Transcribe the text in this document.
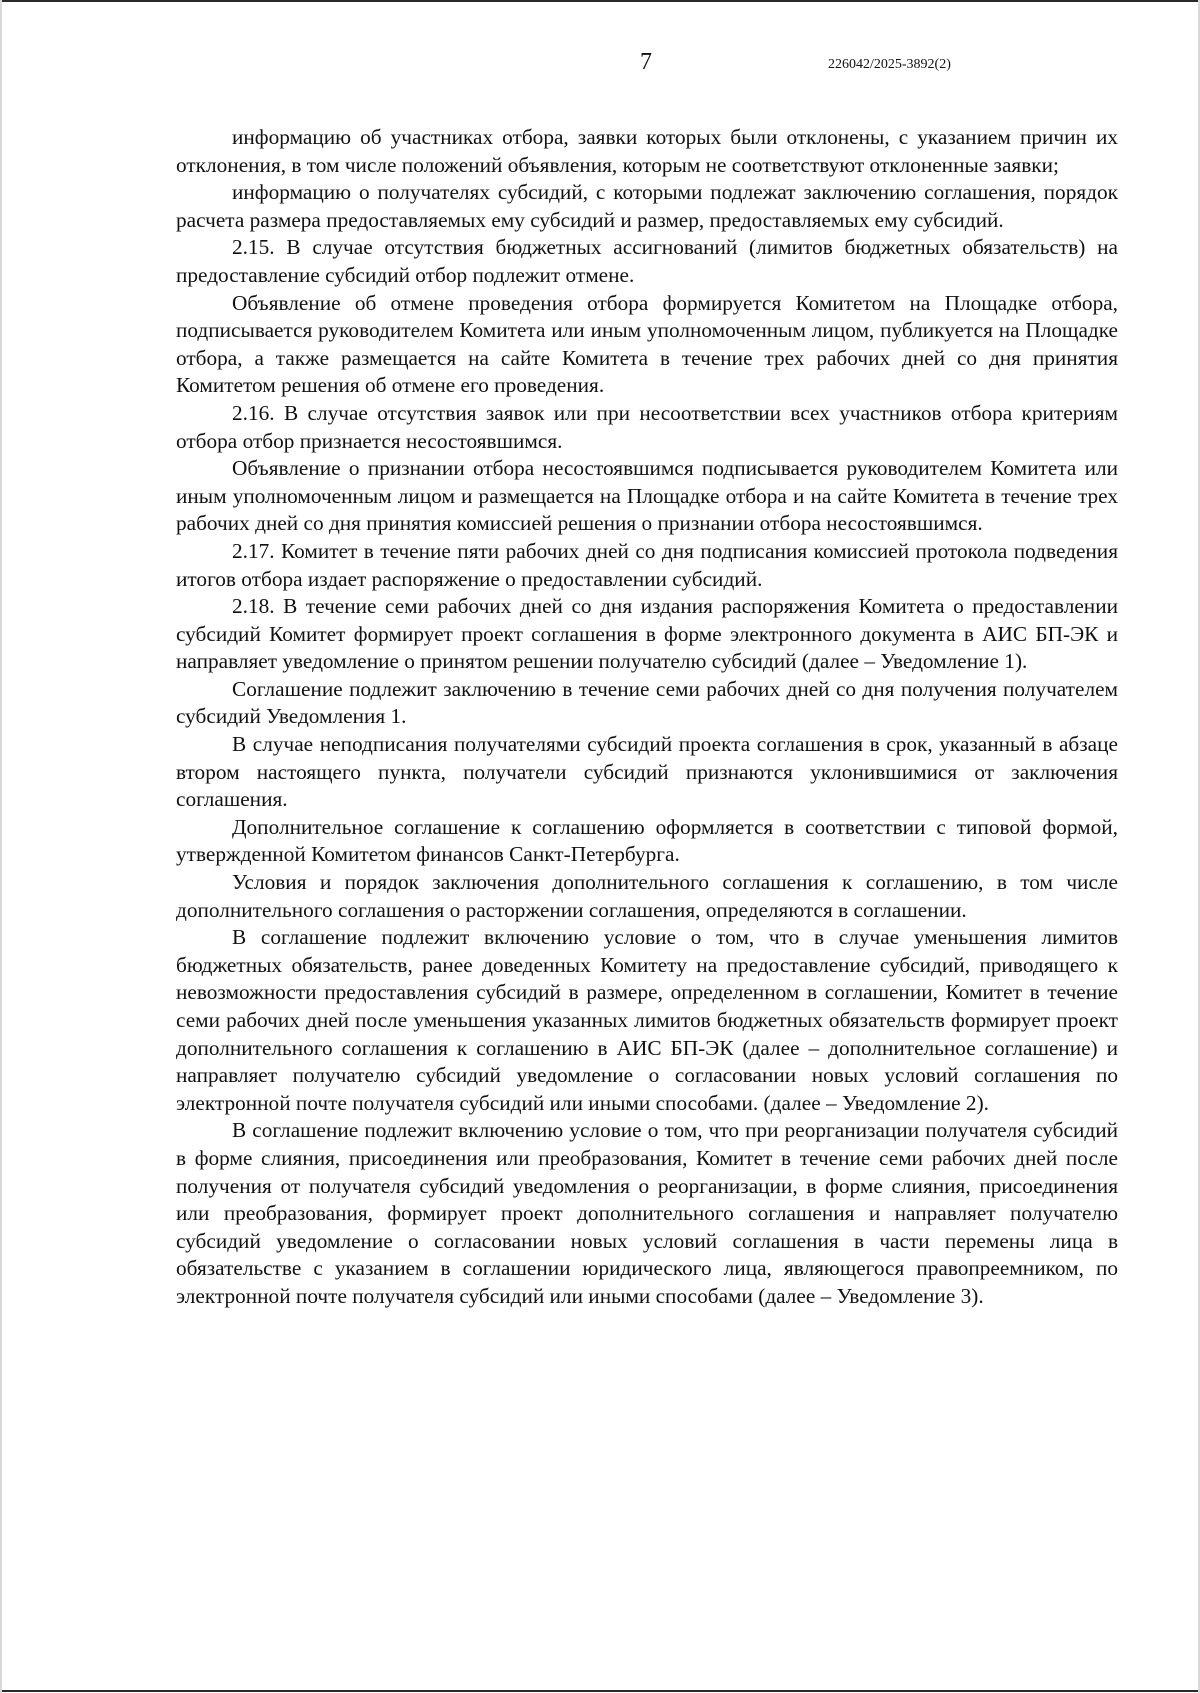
7	226042/2025-3892(2)

информацию об участниках отбора, заявки которых были отклонены, с указанием причин их отклонения, в том числе положений объявления, которым не соответствуют отклоненные заявки;

информацию о получателях субсидий, с которыми подлежат заключению соглашения, порядок расчета размера предоставляемых ему субсидий и размер, предоставляемых ему субсидий.

2.15. В случае отсутствия бюджетных ассигнований (лимитов бюджетных обязательств) на предоставление субсидий отбор подлежит отмене.

Объявление об отмене проведения отбора формируется Комитетом на Площадке отбора, подписывается руководителем Комитета или иным уполномоченным лицом, публикуется на Площадке отбора, а также размещается на сайте Комитета в течение трех рабочих дней со дня принятия Комитетом решения об отмене его проведения.

2.16. В случае отсутствия заявок или при несоответствии всех участников отбора критериям отбора отбор признается несостоявшимся.

Объявление о признании отбора несостоявшимся подписывается руководителем Комитета или иным уполномоченным лицом и размещается на Площадке отбора и на сайте Комитета в течение трех рабочих дней со дня принятия комиссией решения о признании отбора несостоявшимся.

2.17. Комитет в течение пяти рабочих дней со дня подписания комиссией протокола подведения итогов отбора издает распоряжение о предоставлении субсидий.

2.18. В течение семи рабочих дней со дня издания распоряжения Комитета о предоставлении субсидий Комитет формирует проект соглашения в форме электронного документа в АИС БП-ЭК и направляет уведомление о принятом решении получателю субсидий (далее – Уведомление 1).

Соглашение подлежит заключению в течение семи рабочих дней со дня получения получателем субсидий Уведомления 1.

В случае неподписания получателями субсидий проекта соглашения в срок, указанный в абзаце втором настоящего пункта, получатели субсидий признаются уклонившимися от заключения соглашения.

Дополнительное соглашение к соглашению оформляется в соответствии с типовой формой, утвержденной Комитетом финансов Санкт-Петербурга.

Условия и порядок заключения дополнительного соглашения к соглашению, в том числе дополнительного соглашения о расторжении соглашения, определяются в соглашении.

В соглашение подлежит включению условие о том, что в случае уменьшения лимитов бюджетных обязательств, ранее доведенных Комитету на предоставление субсидий, приводящего к невозможности предоставления субсидий в размере, определенном в соглашении, Комитет в течение семи рабочих дней после уменьшения указанных лимитов бюджетных обязательств формирует проект дополнительного соглашения к соглашению в АИС БП-ЭК (далее – дополнительное соглашение) и направляет получателю субсидий уведомление о согласовании новых условий соглашения по электронной почте получателя субсидий или иными способами. (далее – Уведомление 2).

В соглашение подлежит включению условие о том, что при реорганизации получателя субсидий в форме слияния, присоединения или преобразования, Комитет в течение семи рабочих дней после получения от получателя субсидий уведомления о реорганизации, в форме слияния, присоединения или преобразования, формирует проект дополнительного соглашения и направляет получателю субсидий уведомление о согласовании новых условий соглашения в части перемены лица в обязательстве с указанием в соглашении юридического лица, являющегося правопреемником, по электронной почте получателя субсидий или иными способами (далее – Уведомление 3).
